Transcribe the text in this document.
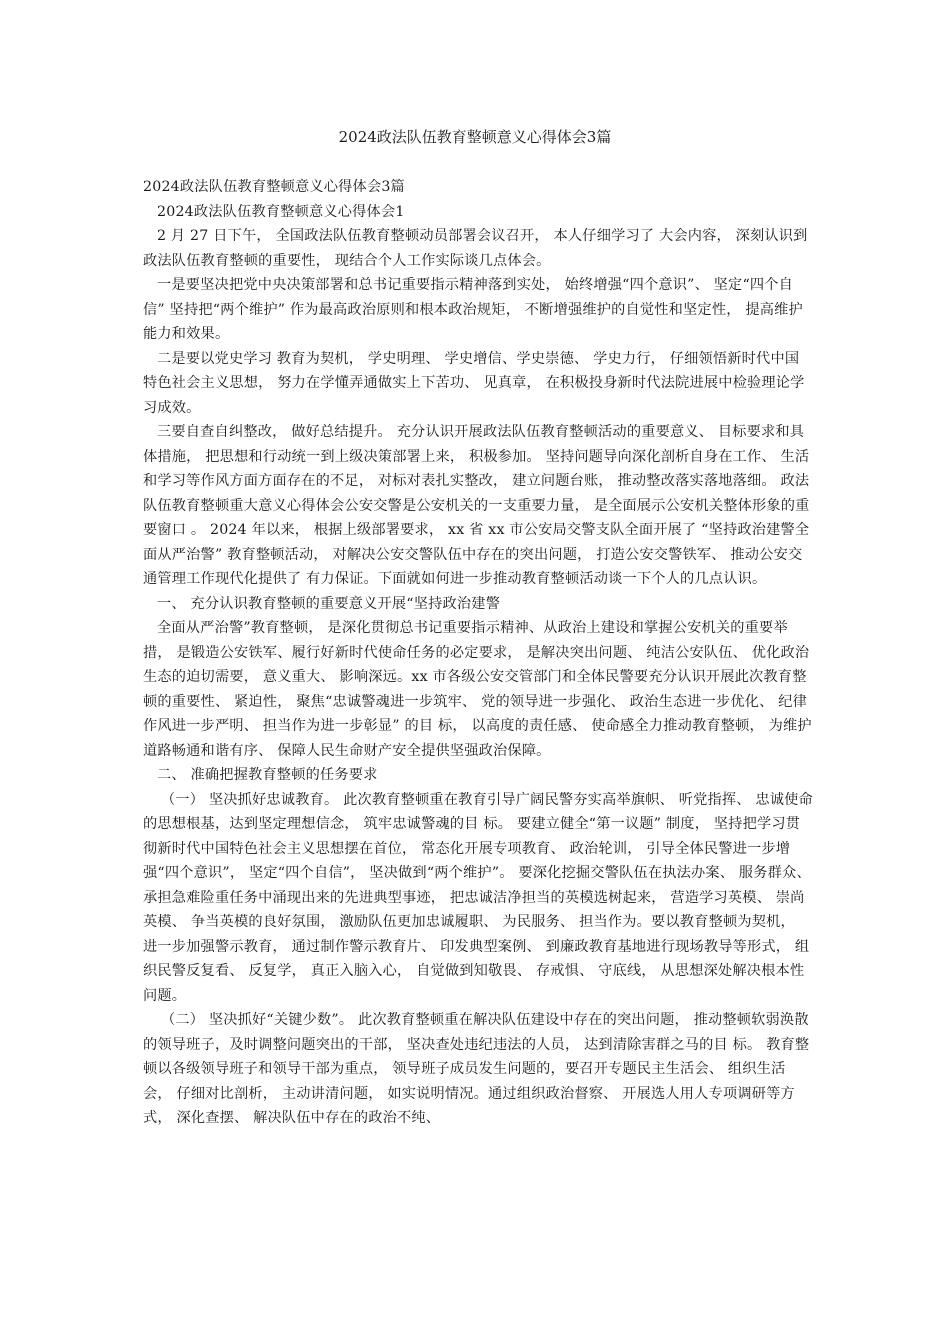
2024政法队伍教育整顿意义心得体会3篇

2024政法队伍教育整顿意义心得体会3篇

2024政法队伍教育整顿意义心得体会1

2 月 27 日下午， 全国政法队伍教育整顿动员部署会议召开， 本人仔细学习了 大会内容， 深刻认识到政法队伍教育整顿的重要性， 现结合个人工作实际谈几点体会。

一是要坚决把党中央决策部署和总书记重要指示精神落到实处， 始终增强“四个意识”、 坚定“四个自 信” 坚持把“两个维护” 作为最高政治原则和根本政治规矩， 不断增强维护的自觉性和坚定性， 提高维护能力和效果。

二是要以党史学习 教育为契机， 学史明理、 学史增信、学史崇德、 学史力行， 仔细领悟新时代中国特色社会主义思想， 努力在学懂弄通做实上下苦功、 见真章， 在积极投身新时代法院进展中检验理论学习成效。

三要自查自纠整改， 做好总结提升。 充分认识开展政法队伍教育整顿活动的重要意义、 目标要求和具体措施， 把思想和行动统一到上级决策部署上来， 积极参加。 坚持问题导向深化剖析自身在工作、 生活和学习等作风方面方面存在的不足， 对标对表扎实整改， 建立问题台账， 推动整改落实落地落细。 政法队伍教育整顿重大意义心得体会公安交警是公安机关的一支重要力量， 是全面展示公安机关整体形象的重要窗口 。 2024 年以来， 根据上级部署要求， xx 省 xx 市公安局交警支队全面开展了 “坚持政治建警全面从严治警” 教育整顿活动， 对解决公安交警队伍中存在的突出问题， 打造公安交警铁军、 推动公安交通管理工作现代化提供了 有力保证。下面就如何进一步推动教育整顿活动谈一下个人的几点认识。

一、 充分认识教育整顿的重要意义开展“坚持政治建警

全面从严治警”教育整顿， 是深化贯彻总书记重要指示精神、从政治上建设和掌握公安机关的重要举措， 是锻造公安铁军、履行好新时代使命任务的必定要求， 是解决突出问题、 纯洁公安队伍、 优化政治生态的迫切需要， 意义重大、 影响深远。xx 市各级公安交管部门和全体民警要充分认识开展此次教育整顿的重要性、 紧迫性， 聚焦“忠诚警魂进一步筑牢、 党的领导进一步强化、 政治生态进一步优化、 纪律作风进一步严明、 担当作为进一步彰显” 的目 标， 以高度的责任感、 使命感全力推动教育整顿， 为维护道路畅通和谐有序、 保障人民生命财产安全提供坚强政治保障。

二、 准确把握教育整顿的任务要求

（一） 坚决抓好忠诚教育。 此次教育整顿重在教育引导广阔民警夯实高举旗帜、 听党指挥、 忠诚使命的思想根基，达到坚定理想信念， 筑牢忠诚警魂的目 标。 要建立健全“第一议题” 制度， 坚持把学习贯彻新时代中国特色社会主义思想摆在首位， 常态化开展专项教育、 政治轮训， 引导全体民警进一步增强“四个意识”， 坚定“四个自信”， 坚决做到“两个维护”。 要深化挖掘交警队伍在执法办案、 服务群众、 承担急难险重任务中涌现出来的先进典型事迹， 把忠诚洁净担当的英模选树起来， 营造学习英模、 崇尚英模、 争当英模的良好氛围， 激励队伍更加忠诚履职、 为民服务、 担当作为。要以教育整顿为契机， 进一步加强警示教育， 通过制作警示教育片、 印发典型案例、 到廉政教育基地进行现场教导等形式， 组织民警反复看、 反复学， 真正入脑入心， 自觉做到知敬畏、 存戒惧、 守底线， 从思想深处解决根本性问题。

（二） 坚决抓好“关键少数”。 此次教育整顿重在解决队伍建设中存在的突出问题， 推动整顿软弱涣散的领导班子，及时调整问题突出的干部， 坚决查处违纪违法的人员， 达到清除害群之马的目 标。 教育整顿以各级领导班子和领导干部为重点， 领导班子成员发生问题的，要召开专题民主生活会、 组织生活会， 仔细对比剖析， 主动讲清问题， 如实说明情况。通过组织政治督察、 开展选人用人专项调研等方式， 深化查摆、 解决队伍中存在的政治不纯、
